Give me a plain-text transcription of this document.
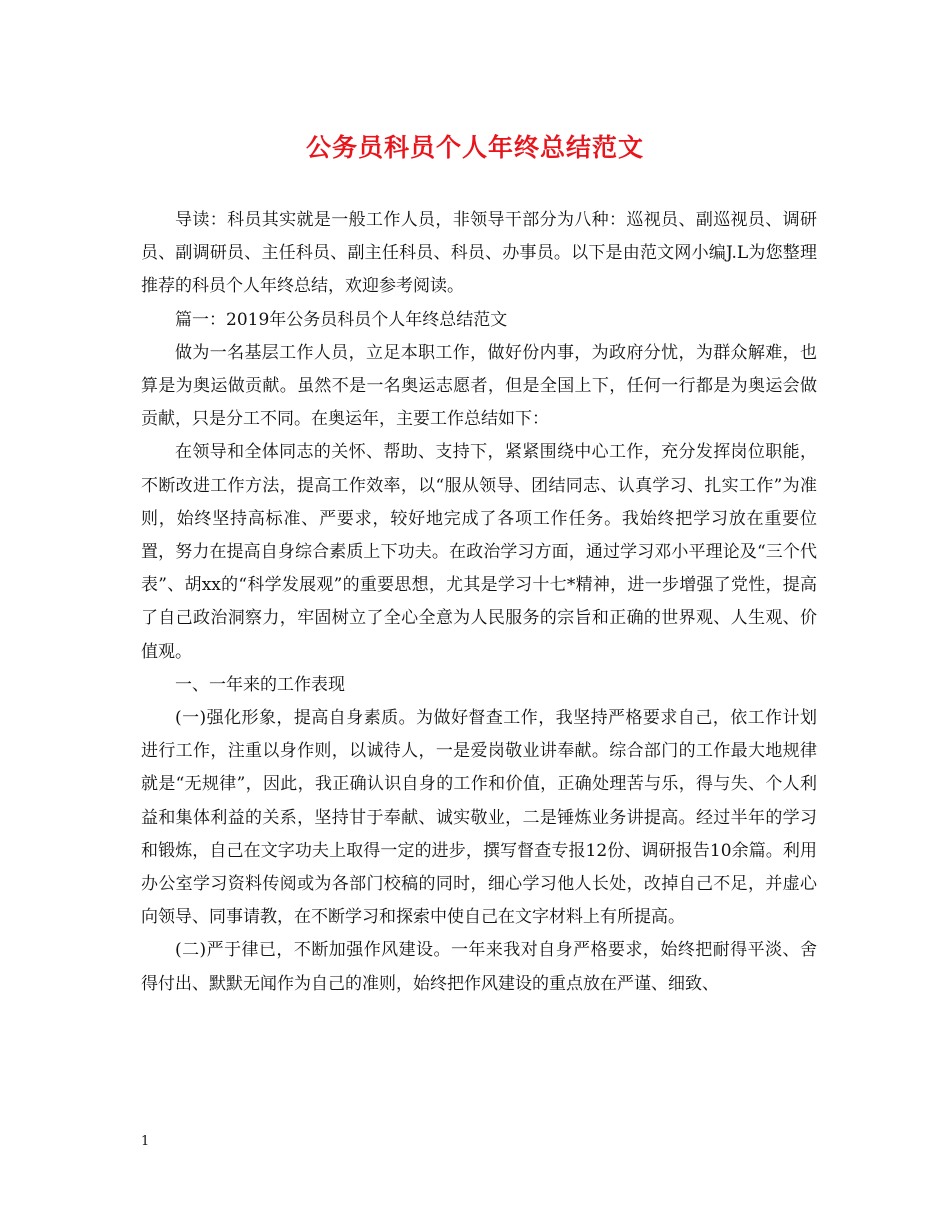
公务员科员个人年终总结范文

导读：科员其实就是一般工作人员，非领导干部分为八种：巡视员、副巡视员、调研员、副调研员、主任科员、副主任科员、科员、办事员。以下是由范文网小编J.L为您整理推荐的科员个人年终总结，欢迎参考阅读。

篇一：2019年公务员科员个人年终总结范文

做为一名基层工作人员，立足本职工作，做好份内事，为政府分忧，为群众解难，也算是为奥运做贡献。虽然不是一名奥运志愿者，但是全国上下，任何一行都是为奥运会做贡献，只是分工不同。在奥运年，主要工作总结如下：

在领导和全体同志的关怀、帮助、支持下，紧紧围绕中心工作，充分发挥岗位职能，不断改进工作方法，提高工作效率，以“服从领导、团结同志、认真学习、扎实工作”为准则，始终坚持高标准、严要求，较好地完成了各项工作任务。我始终把学习放在重要位置，努力在提高自身综合素质上下功夫。在政治学习方面，通过学习邓小平理论及“三个代表”、胡xx的“科学发展观”的重要思想，尤其是学习十七*精神，进一步增强了党性，提高了自己政治洞察力，牢固树立了全心全意为人民服务的宗旨和正确的世界观、人生观、价值观。

一、一年来的工作表现

(一)强化形象，提高自身素质。为做好督查工作，我坚持严格要求自己，依工作计划进行工作，注重以身作则，以诚待人，一是爱岗敬业讲奉献。综合部门的工作最大地规律就是“无规律”，因此，我正确认识自身的工作和价值，正确处理苦与乐，得与失、个人利益和集体利益的关系，坚持甘于奉献、诚实敬业，二是锤炼业务讲提高。经过半年的学习和锻炼，自己在文字功夫上取得一定的进步，撰写督查专报12份、调研报告10余篇。利用办公室学习资料传阅或为各部门校稿的同时，细心学习他人长处，改掉自己不足，并虚心向领导、同事请教，在不断学习和探索中使自己在文字材料上有所提高。

(二)严于律已，不断加强作风建设。一年来我对自身严格要求，始终把耐得平淡、舍得付出、默默无闻作为自己的准则，始终把作风建设的重点放在严谨、细致、

1
